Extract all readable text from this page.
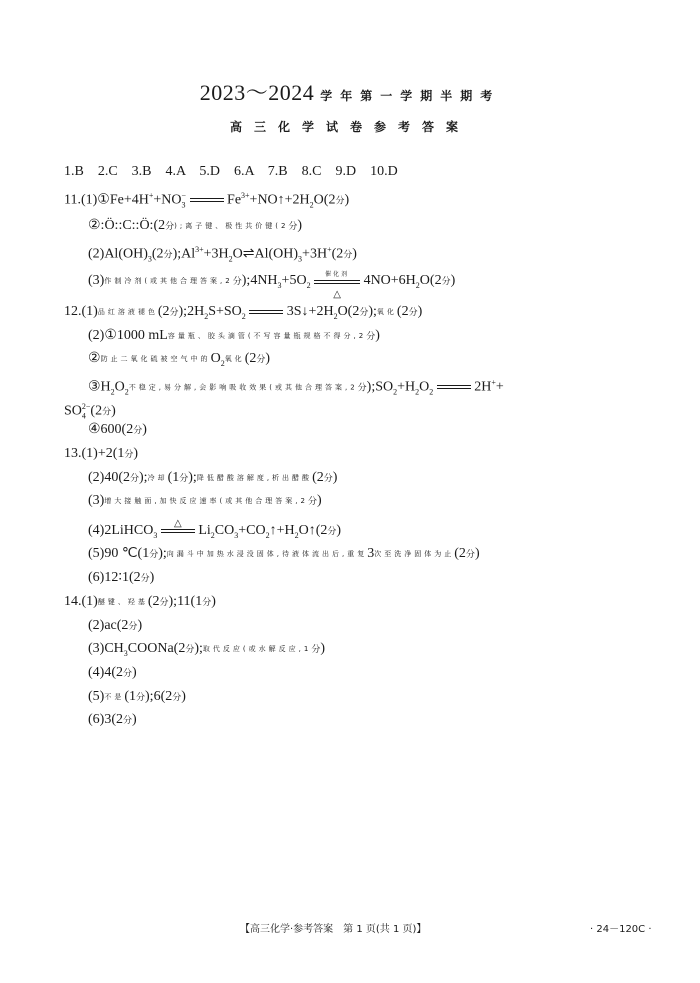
2023～2024 学年第一学期半期考
高三化学试卷参考答案
1.B　2.C　3.B　4.A　5.D　6.A　7.B　8.C　9.D　10.D
$11.(1)①Fe+4H^++NO_3^-$	$Fe^{3+}+NO↑+2H_2O(2$分)
②:Ö::C::Ö:(2分);离子键、极性共价键(2分)
$(2)Al(OH)_3(2$分)$;Al^{3+}+3H_2O\rightleftharpoons Al(OH)_3+3H^+(2$分)
(3)作制冷剂(或其他合理答案,2分)$;4NH_3+5O_2$
催化剂
△
$4NO+6H_2O(2$分)
12.(1)品红溶液褪色(2分)$;2H_2S+SO_2$	$3S↓+2H_2O(2$分);氧化(2分)
(2)①1000 mL容量瓶、胶头滴管(不写容量瓶规格不得分,2分)
②防止二氧化硫被空气中的$O_2$氧化(2分)
$③H_2O_2$不稳定,易分解,会影响吸收效果(或其他合理答案,2分)$;SO_2+H_2O_2$	2H++
$SO_4^{2-}(2$分)
④600(2分)
13.(1)+2(1分)
(2)40(2分);冷却(1分);降低醋酸溶解度,析出醋酸(2分)
(3)增大接触面,加快反应速率(或其他合理答案,2分)
(4)2LiHCO$_3$
△	$Li_2CO_3+CO_2↑+H_2O↑(2$分)
(5)90 ℃(1分);向漏斗中加热水浸没固体,待液体流出后,重复3次至洗净固体为止(2分)
(6)12∶1(2分)
14.(1)醚键、羟基(2分);11(1分)
(2)ac(2分)
$(3)CH_3COONa(2$分);取代反应(或水解反应,1分)
(4)4(2分)
(5)不是(1分);6(2分)
(6)3(2分)
【高三化学·参考答案　第 1 页(共 1 页)】	· 24－120C ·
